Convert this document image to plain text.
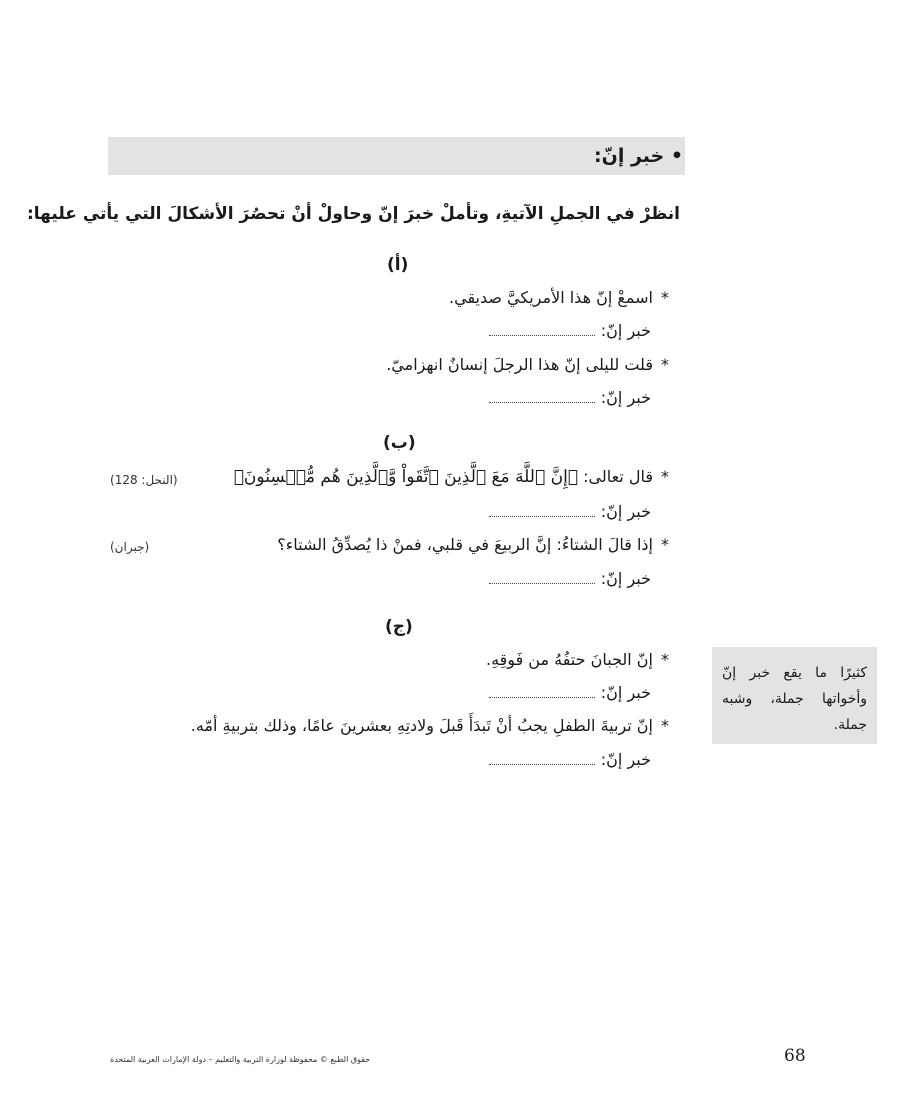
• خبر إنّ:
انظرْ في الجملِ الآتيةِ، وتأملْ خبرَ إنّ وحاولْ أنْ تحصُرَ الأشكالَ التي يأتي عليها:
(أ)
*اسمعْ إنّ هذا الأمريكيَّ صديقي.
خبر إنّ:
*قلت لليلى إنّ هذا الرجلَ إنسانٌ انهزاميّ.
خبر إنّ:
(ب)
*قال تعالى: ﴿إِنَّ ٱللَّهَ مَعَ ٱلَّذِينَ ٱتَّقَواْ وَّٱلَّذِينَ هُم مُّحۡسِنُونَ﴾
(النحل: 128)
خبر إنّ:
*إذا قالَ الشتاءُ: إنَّ الربيعَ في قلبي، فمنْ ذا يُصدِّقُ الشتاء؟
(جبران)
خبر إنّ:
(ج)
*إنّ الجبانَ حتفُهُ من فَوقِهِ.
خبر إنّ:
*إنّ تربيةَ الطفلِ يجبُ أنْ تَبدَأَ قَبلَ ولادتِهِ بعشرينَ عامًا، وذلك بتربيةِ أمّه.
خبر إنّ:
كثيرًا ما يقع خبر إنّ وأخواتها جملة، وشبه جملة.
حقوق الطبع © محفوظة لوزارة التربية والتعليم – دولة الإمارات العربية المتحدة	68
